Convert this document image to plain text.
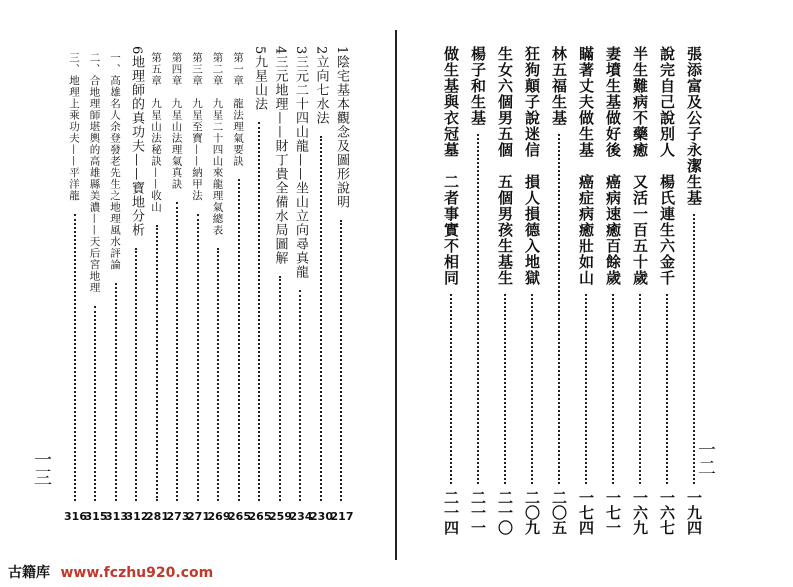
一二
張添富及公子永潔生基
一九四
說完自己說別人　楊氏連生六金千
一六七
半生難病不藥癒　又活一百五十歲
一六九
妻墳生基做好後　癌病速癒百餘歲
一七一
瞞著丈夫做生基　癌症病癒壯如山
一七四
林五福生基
二〇五
狂狗顛子說迷信　損人損德入地獄
二〇九
生女六個男五個　五個男孩生基生
二一〇
楊子和生基
二一一
做生基與衣冠墓　二者事實不相同
二一四
一三
1陰宅基本觀念及圖形說明
217
2立向七水法
230
3三元二十四山龍——坐山立向尋真龍
234
4三元地理——財丁貴全備水局圖解
259
5九星山法
265
第一章　龍法理氣要訣
265
第二章　九星二十四山來龍理氣總表
269
第三章　九星至寶——納甲法
271
第四章　九星山法理氣真訣
273
第五章　九星山法秘訣——收山
281
6地理師的真功夫——寶地分析
312
一、高雄名人余登發老先生之地理風水評論
313
二、合地理師堪輿的高雄縣美濃——天后宮地理
315
三、地理上乘功夫——平洋龍
316
古籍库 www.fczhu920.com
